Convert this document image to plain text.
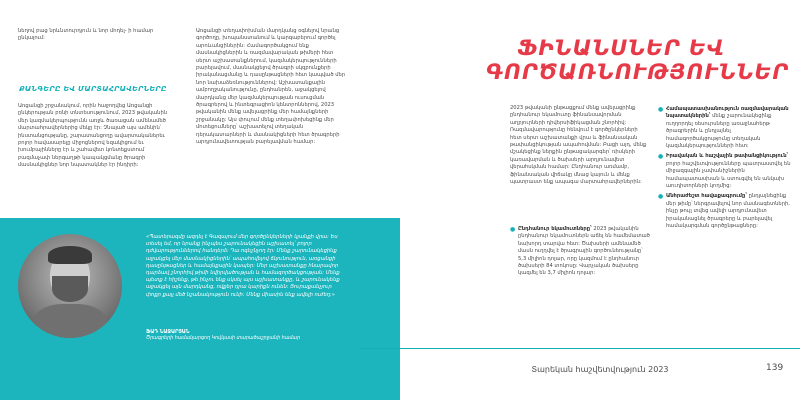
նեղով բաց նրևնտուրդյուն և նոր մոդել- ի համար ընկալում:

ՔԱՆԳԵՐԸ ԵՎ ՄԱՐՏԱՀՐԱՎԵՐՆԵՐԸ

Առցանցի շրջանակում, որին հաջողվեց Առցանցի ընկերության բռնի տնտեսությունում, 2023 թվականին մեր կազմակերպությունն առջև ծառացան ամենամեծ մարտահրավերներից մեկը էր: Չնայած այս ամենին՝ ինստանցությանը, շարատանցողը ավարտականերեւ բոլոր հավասարելը միջոցներով եզակիցում եւ խումբայինները էր և շահավետ կոնտեքստում բազմաչափ ներգաղթի կապակցմանը ծրագրի մասնակիցներ նոր նպատակներ էր ինդիրի:

Առցանցի տեղափոխման մարդկանց օգնելով նրանց գործողը, խոպանստանում և կարգաբերում գործել արոևանցիներին: Համագործակցում ենք մասնակիցներին և ռազմավարական թիմերի հետ սերտ աշխատանքներում, կազմակերպությունների բարելավում, մասնակցելով ծրագրի սկզբունքերի իրականացմանը և դասընթացների հետ կապված մեր նոր նախաձեռնություններով: Աշխատանքային ամբողջականությունը, ընդհանրեն, աջակցելով մարդկանց մեր կազմակերպության ուսուցման ծրագրերով և ինտեգրացիոն կենտրոններով, 2023 թվականին մենք ավելացրինք մեր համայնքների շրջանակը: Այս փուլում մենք տեղափոխեցինք մեր մոտեցումները՝ աշխատելով տեղական դերակատարների և մասնակիցների հետ ծրագրերի արդյունավետության բարելավման համար:

«Պատերազմը ազդել է Գազայում մեր գործընկերների կյանքի վրա: Ես տեսել եմ, որ նրանք ինչպես շարունակեցին աշխատել՝ բոլոր դժվարություններով հանդերձ: Դա ոգեշնչող էր: Մենք շարունակեցինք աջակցել մեր մասնակիցներին՝ ապահովելով ճկունություն, առցանցի դասընթացներ և համայնքային կապեր: Մեր աշխատանքը հնարավոր դարձավ շնորհիվ թիմի նվիրվածության և համագործակցության: Մենք պետք է հիշենք, թե ինչու ենք սկսել այս աշխատանքը, և շարունակենք աջակցել այն մարդկանց, ովքեր դրա կարիքն ունեն: Յուրաքանչյուր փոքր քայլ մեծ նշանակություն ունի: Մենք միասին ենք ավելի ուժեղ:»

ՖԱԴ ՆԱՋԱՐՅԱՆ

Ծրագրերի համակարգող Կովկասի տարածաշրջանի համար

ՖԻՆԱՆՍՆԵՐ ԵՎ ԳՈՐԾԱՌՆՈՒԹՅՈՒՆՆԵՐ

2023 թվականի ընթացքում մենք ավելացրինք ընդհանուր եկամուտը ֆինանսավորման աղբյուրների դիվերսիֆիկացման շնորհիվ: Ռազմավարությունը հենվում է գործընկերների հետ սերտ աշխատանքի վրա և ֆինանսական թափանցիկության ապահովման: Բացի այդ, մենք մշակեցինք ներքին ընթացակարգեր՝ ռիսկերի կառավարման և ծախսերի արդյունավետ վերահսկման համար: Ընդհանուր առմամբ, ֆինանսական վիճակը մնաց կայուն և մենք պատրաստ ենք ապագա մարտահրավերներին:

● Ընդհանուր եկամուտները՝ 2023 թվականին ընդհանուր եկամուտներն աճել են համեմատած նախորդ տարվա հետ: Ծախսերի ամենամեծ մասն ուղղվել է ծրագրային գործունեությանը՝ 5,3 միլիոն դոլար, որը կազմում է ընդհանուր ծախսերի 84 տոկոսը: Վարչական ծախսերը կազմել են 3,7 միլիոն դոլար:
● Համապատասխանություն ռազմավարական նպատակներին՝ մենք շարունակեցինք ուղղորդել ռեսուրսները առաջնահերթ ծրագրերին և ընդլայնել համագործակցությունը տեղական կազմակերպությունների հետ:
● Իրավական և հաշվային թափանցիկություն՝ բոլոր հաշվետվությունները պատրաստվել են միջազգային չափանիշներին համապատասխան և ստուգվել են անկախ աուդիտորների կողմից:
● Անհրաժեշտ հավաքագրումը՝ ընդլայնեցինք մեր թիմը՝ ներգրավելով նոր մասնագետների, ինչը թույլ տվեց ավելի արդյունավետ իրականացնել ծրագրերը և բարելավել համակարգման գործընթացները:
Տարեկան հաշվետվություն 2023	139
